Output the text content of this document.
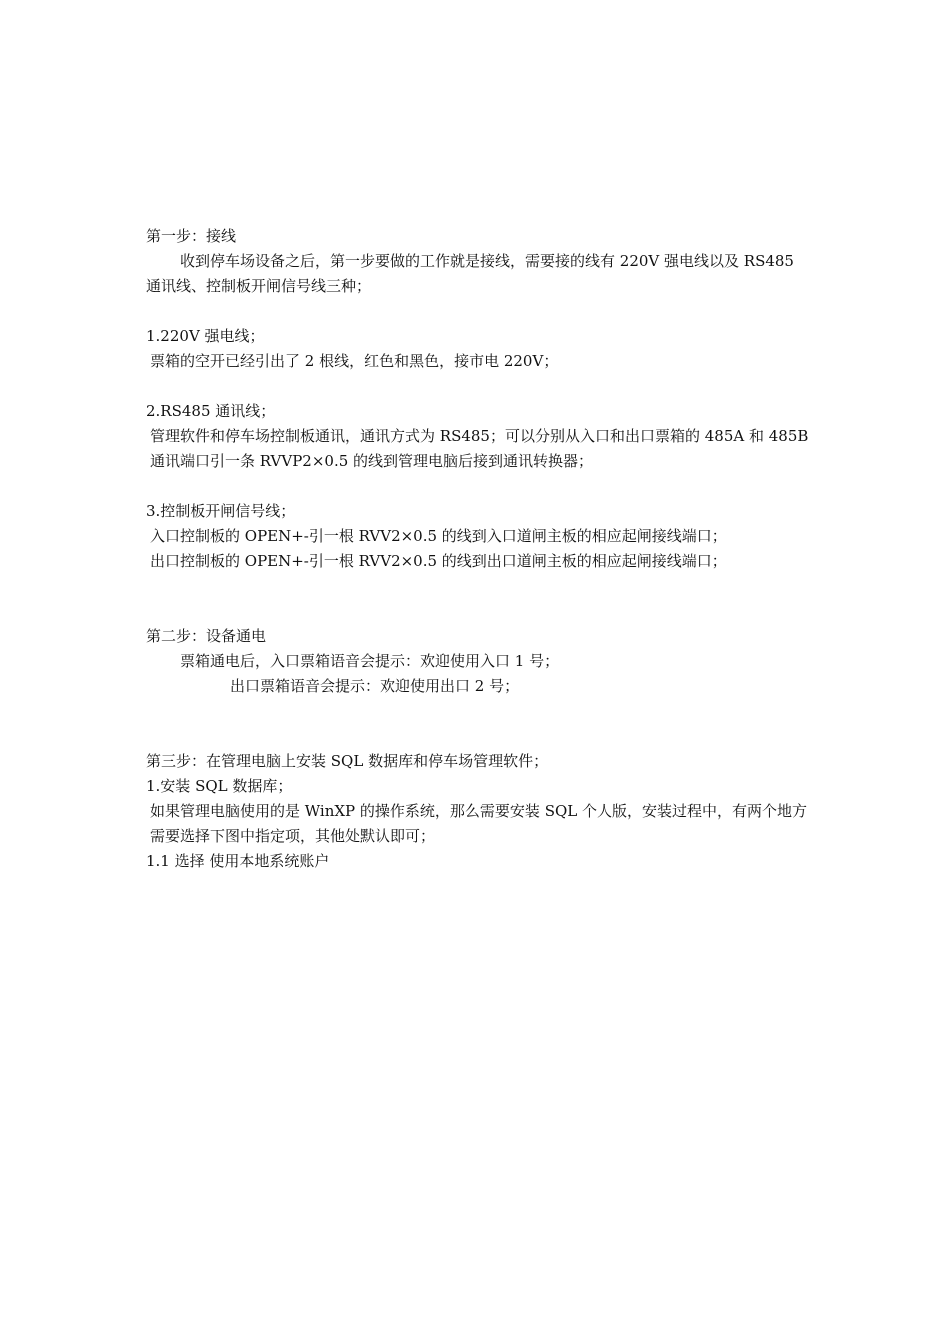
第一步：接线

收到停车场设备之后，第一步要做的工作就是接线，需要接的线有 220V 强电线以及 RS485 通讯线、控制板开闸信号线三种；

1.220V 强电线；

票箱的空开已经引出了 2 根线，红色和黑色，接市电 220V；

2.RS485 通讯线；

管理软件和停车场控制板通讯，通讯方式为 RS485；可以分别从入口和出口票箱的 485A 和 485B 通讯端口引一条 RVVP2×0.5 的线到管理电脑后接到通讯转换器；

3.控制板开闸信号线；

入口控制板的 OPEN+-引一根 RVV2×0.5 的线到入口道闸主板的相应起闸接线端口；

出口控制板的 OPEN+-引一根 RVV2×0.5 的线到出口道闸主板的相应起闸接线端口；

第二步：设备通电

票箱通电后，入口票箱语音会提示：欢迎使用入口 1 号；

出口票箱语音会提示：欢迎使用出口 2 号；

第三步：在管理电脑上安装 SQL 数据库和停车场管理软件；

1.安装 SQL 数据库；

如果管理电脑使用的是 WinXP 的操作系统，那么需要安装 SQL 个人版，安装过程中，有两个地方需要选择下图中指定项，其他处默认即可；

1.1 选择 使用本地系统账户
